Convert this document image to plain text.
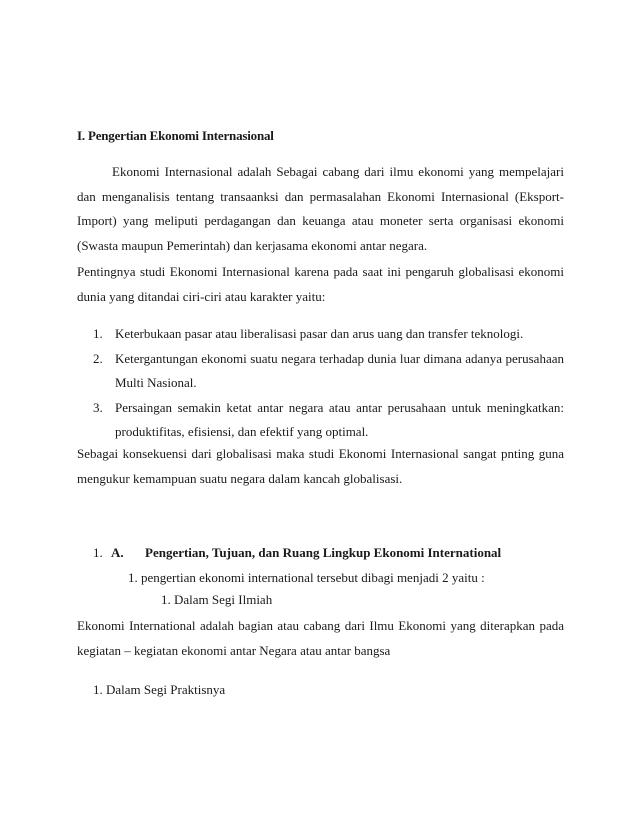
I. Pengertian Ekonomi Internasional
Ekonomi Internasional adalah Sebagai cabang dari ilmu ekonomi yang mempelajari dan menganalisis tentang transaanksi dan permasalahan Ekonomi Internasional (Eksport-Import) yang meliputi perdagangan dan keuanga atau moneter serta organisasi ekonomi (Swasta maupun Pemerintah) dan kerjasama ekonomi antar negara.
Pentingnya studi Ekonomi Internasional karena pada saat ini pengaruh globalisasi ekonomi dunia yang ditandai ciri-ciri atau karakter yaitu:
1. Keterbukaan pasar atau liberalisasi pasar dan arus uang dan transfer teknologi.
2. Ketergantungan ekonomi suatu negara terhadap dunia luar dimana adanya perusahaan Multi Nasional.
3. Persaingan semakin ketat antar negara atau antar perusahaan untuk meningkatkan: produktifitas, efisiensi, dan efektif yang optimal.
Sebagai konsekuensi dari globalisasi maka studi Ekonomi Internasional sangat pnting guna mengukur kemampuan suatu negara dalam kancah globalisasi.
1. A. Pengertian, Tujuan, dan Ruang Lingkup Ekonomi International
1. pengertian ekonomi international tersebut dibagi menjadi 2 yaitu :
1. Dalam Segi Ilmiah
Ekonomi International adalah bagian atau cabang dari Ilmu Ekonomi yang diterapkan pada kegiatan – kegiatan ekonomi antar Negara atau antar bangsa
1. Dalam Segi Praktisnya
